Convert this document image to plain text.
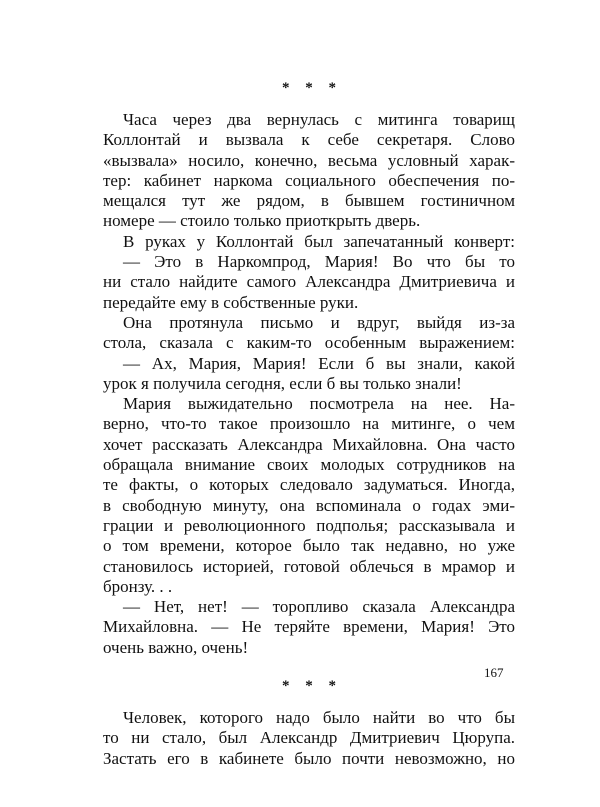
* * *

Часа через два вернулась с митинга товарищ
Коллонтай и вызвала к себе секретаря. Слово
«вызвала» носило, конечно, весьма условный харак-
тер: кабинет наркома социального обеспечения по-
мещался тут же рядом, в бывшем гостиничном
номере — стоило только приоткрыть дверь.

В руках у Коллонтай был запечатанный конверт:
— Это в Наркомпрод, Мария! Во что бы то
ни стало найдите самого Александра Дмитриевича и
передайте ему в собственные руки.

Она протянула письмо и вдруг, выйдя из-за
стола, сказала с каким-то особенным выражением:

— Ах, Мария, Мария! Если б вы знали, какой
урок я получила сегодня, если б вы только знали!

Мария выжидательно посмотрела на нее. На-
верно, что-то такое произошло на митинге, о чем
хочет рассказать Александра Михайловна. Она часто
обращала внимание своих молодых сотрудников на
те факты, о которых следовало задуматься. Иногда,
в свободную минуту, она вспоминала о годах эми-
грации и революционного подполья; рассказывала и
о том времени, которое было так недавно, но уже
становилось историей, готовой облечься в мрамор и
бронзу. . .

— Нет, нет! — торопливо сказала Александра
Михайловна. — Не теряйте времени, Мария! Это
очень важно, очень!

* * *

Человек, которого надо было найти во что бы
то ни стало, был Александр Дмитриевич Цюрупа.
Застать его в кабинете было почти невозможно, но

167
